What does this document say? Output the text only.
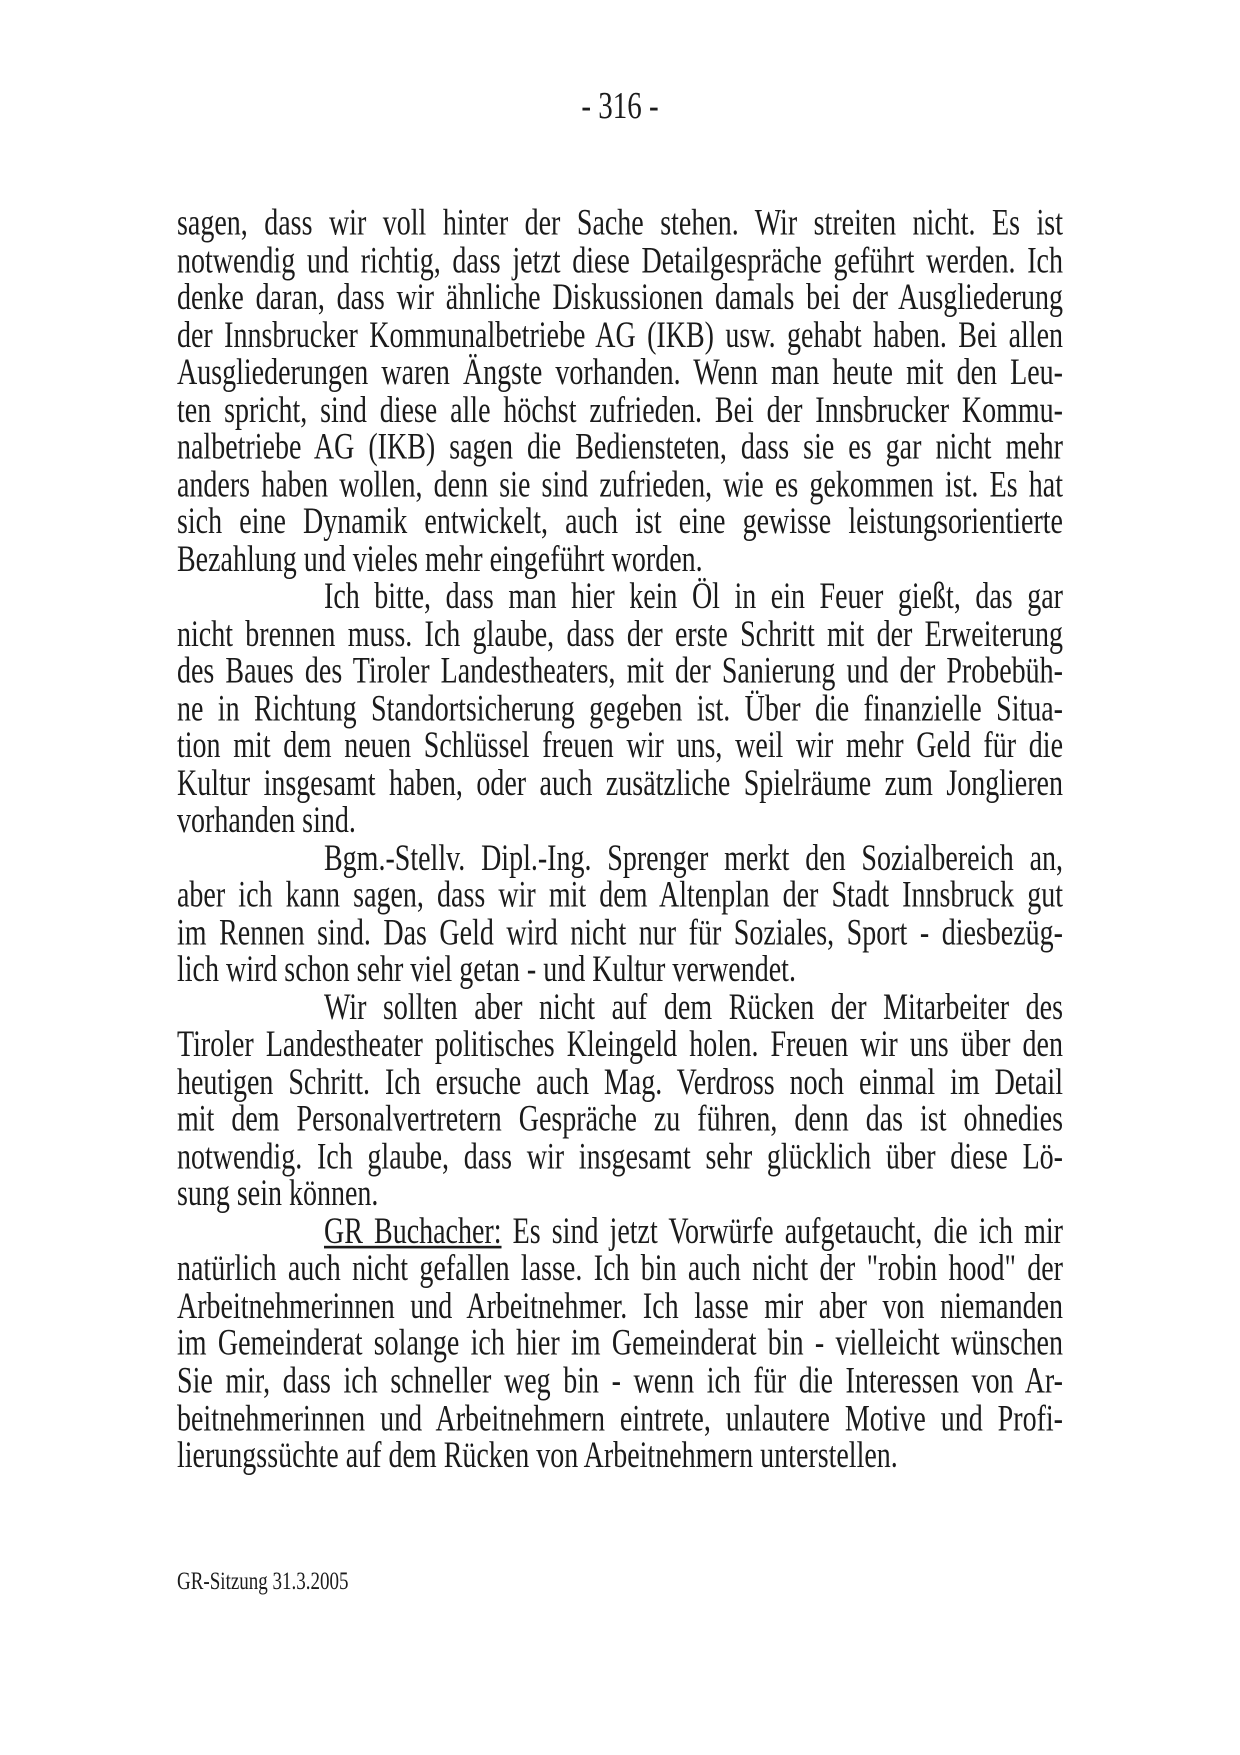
- 316 -
sagen, dass wir voll hinter der Sache stehen. Wir streiten nicht. Es ist
notwendig und richtig, dass jetzt diese Detailgespräche geführt werden. Ich
denke daran, dass wir ähnliche Diskussionen damals bei der Ausgliederung
der Innsbrucker Kommunalbetriebe AG (IKB) usw. gehabt haben. Bei allen
Ausgliederungen waren Ängste vorhanden. Wenn man heute mit den Leu-
ten spricht, sind diese alle höchst zufrieden. Bei der Innsbrucker Kommu-
nalbetriebe AG (IKB) sagen die Bediensteten, dass sie es gar nicht mehr
anders haben wollen, denn sie sind zufrieden, wie es gekommen ist. Es hat
sich eine Dynamik entwickelt, auch ist eine gewisse leistungsorientierte
Bezahlung und vieles mehr eingeführt worden.
Ich bitte, dass man hier kein Öl in ein Feuer gießt, das gar
nicht brennen muss. Ich glaube, dass der erste Schritt mit der Erweiterung
des Baues des Tiroler Landestheaters, mit der Sanierung und der Probebüh-
ne in Richtung Standortsicherung gegeben ist. Über die finanzielle Situa-
tion mit dem neuen Schlüssel freuen wir uns, weil wir mehr Geld für die
Kultur insgesamt haben, oder auch zusätzliche Spielräume zum Jonglieren
vorhanden sind.
Bgm.-Stellv. Dipl.-Ing. Sprenger merkt den Sozialbereich an,
aber ich kann sagen, dass wir mit dem Altenplan der Stadt Innsbruck gut
im Rennen sind. Das Geld wird nicht nur für Soziales, Sport - diesbezüg-
lich wird schon sehr viel getan - und Kultur verwendet.
Wir sollten aber nicht auf dem Rücken der Mitarbeiter des
Tiroler Landestheater politisches Kleingeld holen. Freuen wir uns über den
heutigen Schritt. Ich ersuche auch Mag. Verdross noch einmal im Detail
mit dem Personalvertretern Gespräche zu führen, denn das ist ohnedies
notwendig. Ich glaube, dass wir insgesamt sehr glücklich über diese Lö-
sung sein können.
GR Buchacher: Es sind jetzt Vorwürfe aufgetaucht, die ich mir
natürlich auch nicht gefallen lasse. Ich bin auch nicht der "robin hood" der
Arbeitnehmerinnen und Arbeitnehmer. Ich lasse mir aber von niemanden
im Gemeinderat solange ich hier im Gemeinderat bin - vielleicht wünschen
Sie mir, dass ich schneller weg bin - wenn ich für die Interessen von Ar-
beitnehmerinnen und Arbeitnehmern eintrete, unlautere Motive und Profi-
lierungssüchte auf dem Rücken von Arbeitnehmern unterstellen.
GR-Sitzung 31.3.2005
